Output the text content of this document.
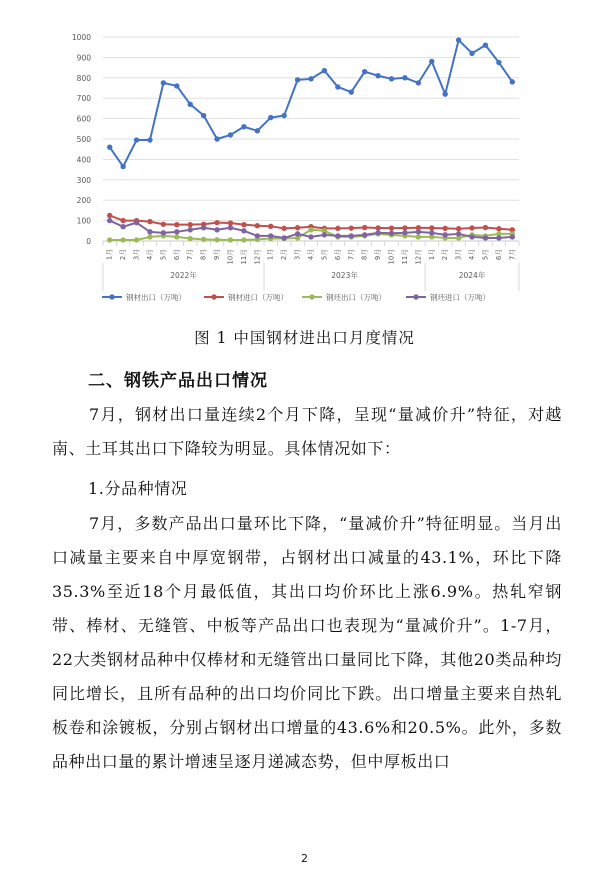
1000
900
800
700
600
500
400
300
200
100
0
1月 2月 3月 4月 5月 6月 7月 8月 9月 10月 11月 12月 1月 2月 3月 4月 5月 6月 7月 8月 9月 10月 11月 12月 1月 2月 3月 4月 5月 6月 7月
2022年	2023年	2024年
钢材出口（万吨）	钢材进口（万吨）	钢坯出口（万吨）	钢坯进口（万吨）
图 1 中国钢材进出口月度情况
二、钢铁产品出口情况
7月，钢材出口量连续2个月下降，呈现“量减价升”特征，对越南、土耳其出口下降较为明显。具体情况如下：
1.分品种情况
7月，多数产品出口量环比下降，“量减价升”特征明显。当月出口减量主要来自中厚宽钢带，占钢材出口减量的43.1%，环比下降35.3%至近18个月最低值，其出口均价环比上涨6.9%。热轧窄钢带、棒材、无缝管、中板等产品出口也表现为“量减价升”。1-7月，22大类钢材品种中仅棒材和无缝管出口量同比下降，其他20类品种均同比增长，且所有品种的出口均价同比下跌。出口增量主要来自热轧板卷和涂镀板，分别占钢材出口增量的43.6%和20.5%。此外，多数品种出口量的累计增速呈逐月递减态势，但中厚板出口
2
